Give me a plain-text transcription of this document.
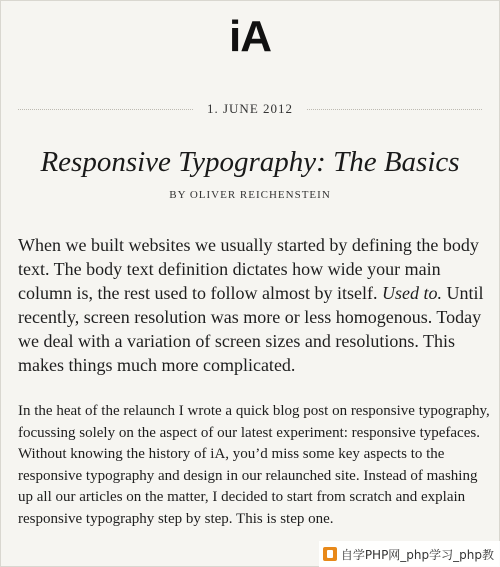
iA
1. JUNE 2012
Responsive Typography: The Basics
BY OLIVER REICHENSTEIN

When we built websites we usually started by defining the body text. The body text definition dictates how wide your main column is, the rest used to follow almost by itself. Used to. Until recently, screen resolution was more or less homogenous. Today we deal with a variation of screen sizes and resolutions. This makes things much more complicated.

In the heat of the relaunch I wrote a quick blog post on responsive typography, focussing solely on the aspect of our latest experiment: responsive typefaces. Without knowing the history of iA, you’d miss some key aspects to the responsive typography and design in our relaunched site. Instead of mashing up all our articles on the matter, I decided to start from scratch and explain responsive typography step by step. This is step one.

自学PHP网_php学习_php教
